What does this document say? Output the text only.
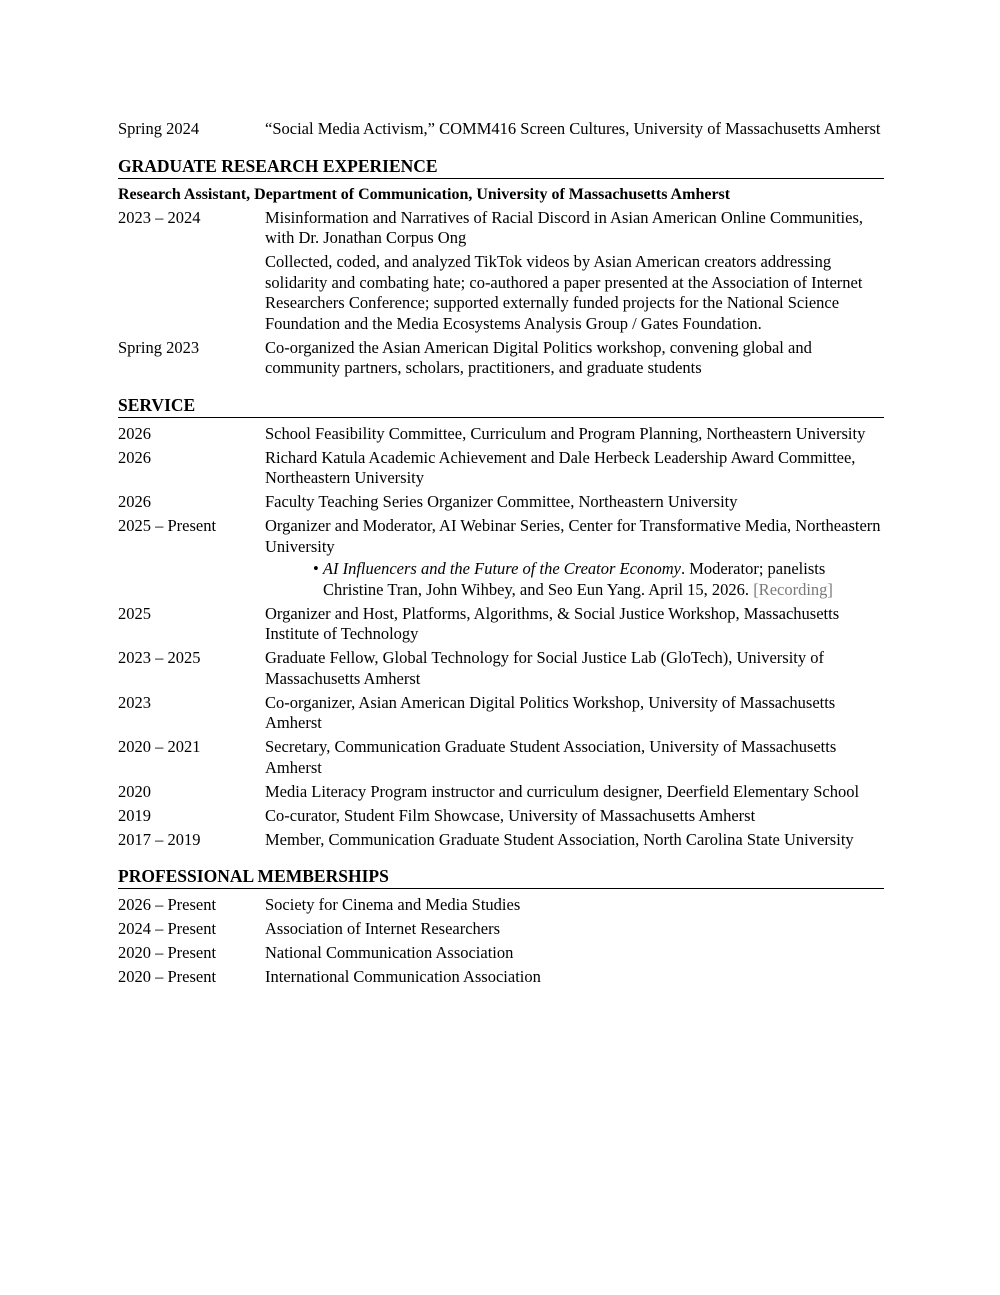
Spring 2024	“Social Media Activism,” COMM416 Screen Cultures, University of Massachusetts Amherst
GRADUATE RESEARCH EXPERIENCE
Research Assistant, Department of Communication, University of Massachusetts Amherst
2023 – 2024	Misinformation and Narratives of Racial Discord in Asian American Online Communities, with Dr. Jonathan Corpus Ong

Collected, coded, and analyzed TikTok videos by Asian American creators addressing solidarity and combating hate; co-authored a paper presented at the Association of Internet Researchers Conference; supported externally funded projects for the National Science Foundation and the Media Ecosystems Analysis Group / Gates Foundation.

Spring 2023	Co-organized the Asian American Digital Politics workshop, convening global and community partners, scholars, practitioners, and graduate students
SERVICE
2026	School Feasibility Committee, Curriculum and Program Planning, Northeastern University
2026	Richard Katula Academic Achievement and Dale Herbeck Leadership Award Committee, Northeastern University
2026	Faculty Teaching Series Organizer Committee, Northeastern University
2025 – Present	Organizer and Moderator, AI Webinar Series, Center for Transformative Media, Northeastern University
• AI Influencers and the Future of the Creator Economy. Moderator; panelists Christine Tran, John Wihbey, and Seo Eun Yang. April 15, 2026. [Recording]
2025	Organizer and Host, Platforms, Algorithms, & Social Justice Workshop, Massachusetts Institute of Technology
2023 – 2025	Graduate Fellow, Global Technology for Social Justice Lab (GloTech), University of Massachusetts Amherst
2023	Co-organizer, Asian American Digital Politics Workshop, University of Massachusetts Amherst
2020 – 2021	Secretary, Communication Graduate Student Association, University of Massachusetts Amherst
2020	Media Literacy Program instructor and curriculum designer, Deerfield Elementary School
2019	Co-curator, Student Film Showcase, University of Massachusetts Amherst
2017 – 2019	Member, Communication Graduate Student Association, North Carolina State University
PROFESSIONAL MEMBERSHIPS
2026 – Present	Society for Cinema and Media Studies
2024 – Present	Association of Internet Researchers
2020 – Present	National Communication Association
2020 – Present	International Communication Association
